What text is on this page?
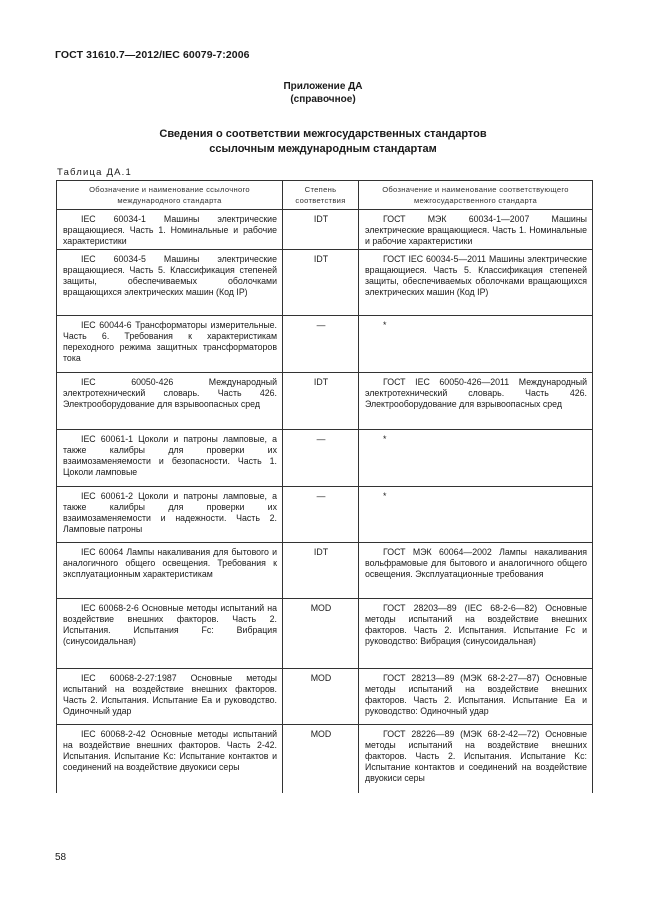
ГОСТ 31610.7—2012/IEC 60079-7:2006
Приложение ДА
(справочное)
Сведения о соответствии межгосударственных стандартов
ссылочным международным стандартам
Таблица ДА.1
Обозначение и наименование ссылочного международного стандарта	Степень соответствия	Обозначение и наименование соответствующего межгосударственного стандарта
IEC 60034-1 Машины электрические вращающиеся. Часть 1. Номинальные и рабочие характеристики	IDT	ГОСТ МЭК 60034-1—2007 Машины электрические вращающиеся. Часть 1. Номинальные и рабочие характеристики
IEC 60034-5 Машины электрические вращающиеся. Часть 5. Классификация степеней защиты, обеспечиваемых оболочками вращающихся электрических машин (Код IP)	IDT	ГОСТ IEC 60034-5—2011 Машины электрические вращающиеся. Часть 5. Классификация степеней защиты, обеспечиваемых оболочками вращающихся электрических машин (Код IP)
IEC 60044-6 Трансформаторы измерительные. Часть 6. Требования к характеристикам переходного режима защитных трансформаторов тока	—	*
IEC 60050-426 Международный электротехнический словарь. Часть 426. Электрооборудование для взрывоопасных сред	IDT	ГОСТ IEC 60050-426—2011 Международный электротехнический словарь. Часть 426. Электрооборудование для взрывоопасных сред
IEC 60061-1 Цоколи и патроны ламповые, а также калибры для проверки их взаимозаменяемости и безопасности. Часть 1. Цоколи ламповые	—	*
IEC 60061-2 Цоколи и патроны ламповые, а также калибры для проверки их взаимозаменяемости и надежности. Часть 2. Ламповые патроны	—	*
IEC 60064 Лампы накаливания для бытового и аналогичного общего освещения. Требования к эксплуатационным характеристикам	IDT	ГОСТ МЭК 60064—2002 Лампы накаливания вольфрамовые для бытового и аналогичного общего освещения. Эксплуатационные требования
IEC 60068-2-6 Основные методы испытаний на воздействие внешних факторов. Часть 2. Испытания. Испытания Fc: Вибрация (синусоидальная)	MOD	ГОСТ 28203—89 (IEC 68-2-6—82) Основные методы испытаний на воздействие внешних факторов. Часть 2. Испытания. Испытание Fc и руководство: Вибрация (синусоидальная)
IEC 60068-2-27:1987 Основные методы испытаний на воздействие внешних факторов. Часть 2. Испытания. Испытание Ea и руководство. Одиночный удар	MOD	ГОСТ 28213—89 (МЭК 68-2-27—87) Основные методы испытаний на воздействие внешних факторов. Часть 2. Испытания. Испытание Ea и руководство: Одиночный удар
IEC 60068-2-42 Основные методы испытаний на воздействие внешних факторов. Часть 2-42. Испытания. Испытание Kc: Испытание контактов и соединений на воздействие двуокиси серы	MOD	ГОСТ 28226—89 (МЭК 68-2-42—72) Основные методы испытаний на воздействие внешних факторов. Часть 2. Испытания. Испытание Kc: Испытание контактов и соединений на воздействие двуокиси серы
58
